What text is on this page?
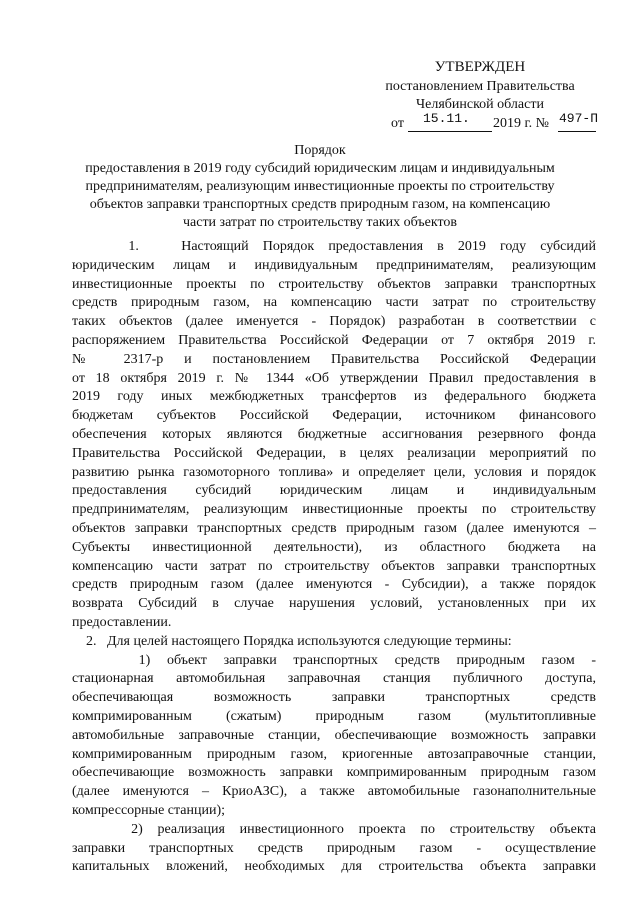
УТВЕРЖДЕН
постановлением Правительства
Челябинской области
от 15.11. 2019 г. № 497-П
Порядок
предоставления в 2019 году субсидий юридическим лицам и индивидуальным
предпринимателям, реализующим инвестиционные проекты по строительству
объектов заправки транспортных средств природным газом, на компенсацию
части затрат по строительству таких объектов
1.   Настоящий Порядок предоставления в 2019 году субсидий
юридическим лицам и индивидуальным предпринимателям, реализующим
инвестиционные проекты по строительству объектов заправки транспортных
средств природным газом, на компенсацию части затрат по строительству
таких объектов (далее именуется - Порядок) разработан в соответствии с
распоряжением Правительства Российской Федерации от 7 октября 2019 г.
№ 2317-р и постановлением Правительства Российской Федерации
от 18 октября 2019 г. № 1344 «Об утверждении Правил предоставления в
2019 году иных межбюджетных трансфертов из федерального бюджета
бюджетам субъектов Российской Федерации, источником финансового
обеспечения которых являются бюджетные ассигнования резервного фонда
Правительства Российской Федерации, в целях реализации мероприятий по
развитию рынка газомоторного топлива» и определяет цели, условия и порядок
предоставления субсидий юридическим лицам и индивидуальным
предпринимателям, реализующим инвестиционные проекты по строительству
объектов заправки транспортных средств природным газом (далее именуются –
Субъекты инвестиционной деятельности), из областного бюджета на
компенсацию части затрат по строительству объектов заправки транспортных
средств природным газом (далее именуются - Субсидии), а также порядок
возврата Субсидий в случае нарушения условий, установленных при их
предоставлении.
2.   Для целей настоящего Порядка используются следующие термины:
1) объект заправки транспортных средств природным газом -
стационарная автомобильная заправочная станция публичного доступа,
обеспечивающая возможность заправки транспортных средств
компримированным (сжатым) природным газом (мультитопливные
автомобильные заправочные станции, обеспечивающие возможность заправки
компримированным природным газом, криогенные автозаправочные станции,
обеспечивающие возможность заправки компримированным природным газом
(далее именуются – КриоАЗС), а также автомобильные газонаполнительные
компрессорные станции);
2) реализация инвестиционного проекта по строительству объекта
заправки транспортных средств природным газом - осуществление
капитальных вложений, необходимых для строительства объекта заправки
